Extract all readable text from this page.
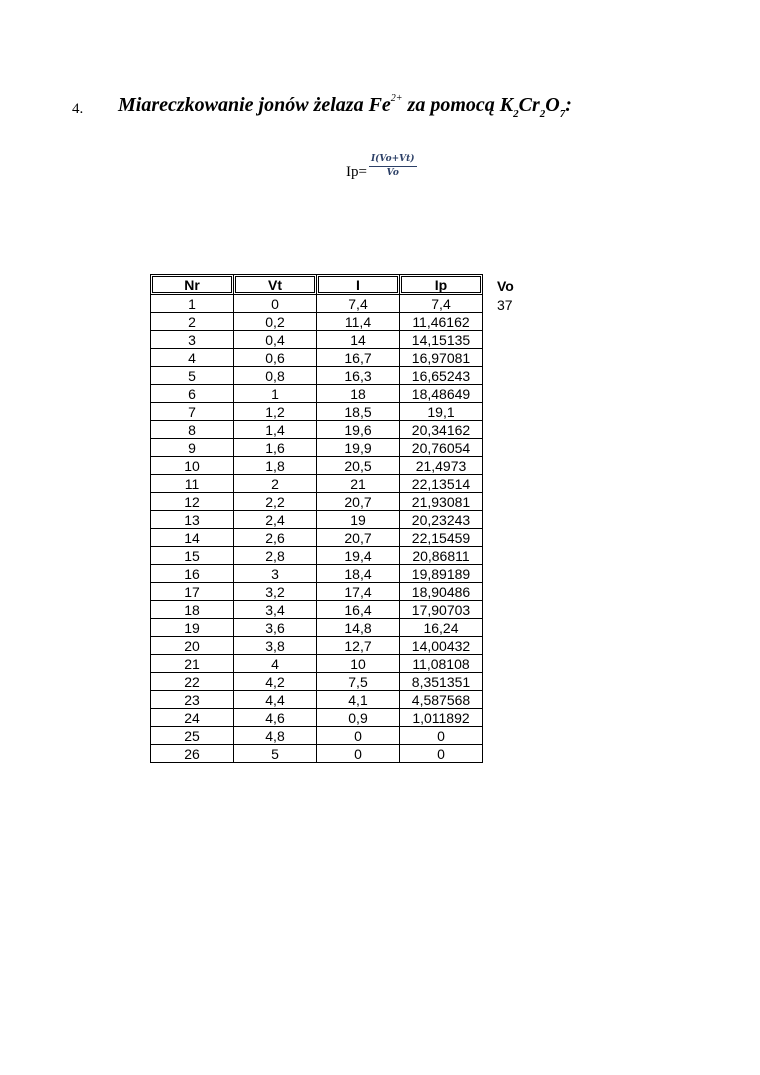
4. Miareczkowanie jonów żelaza $Fe^{2+}$ za pomocą $K_2Cr_2O_7$:
$Ip= \frac{I(Vo+Vt)}{Vo}$
Nr	Vt	I	Ip
1	0	7,4	7,4
2	0,2	11,4	11,46162
3	0,4	14	14,15135
4	0,6	16,7	16,97081
5	0,8	16,3	16,65243
6	1	18	18,48649
7	1,2	18,5	19,1
8	1,4	19,6	20,34162
9	1,6	19,9	20,76054
10	1,8	20,5	21,4973
11	2	21	22,13514
12	2,2	20,7	21,93081
13	2,4	19	20,23243
14	2,6	20,7	22,15459
15	2,8	19,4	20,86811
16	3	18,4	19,89189
17	3,2	17,4	18,90486
18	3,4	16,4	17,90703
19	3,6	14,8	16,24
20	3,8	12,7	14,00432
21	4	10	11,08108
22	4,2	7,5	8,351351
23	4,4	4,1	4,587568
24	4,6	0,9	1,011892
25	4,8	0	0
26	5	0	0
Vo
37
